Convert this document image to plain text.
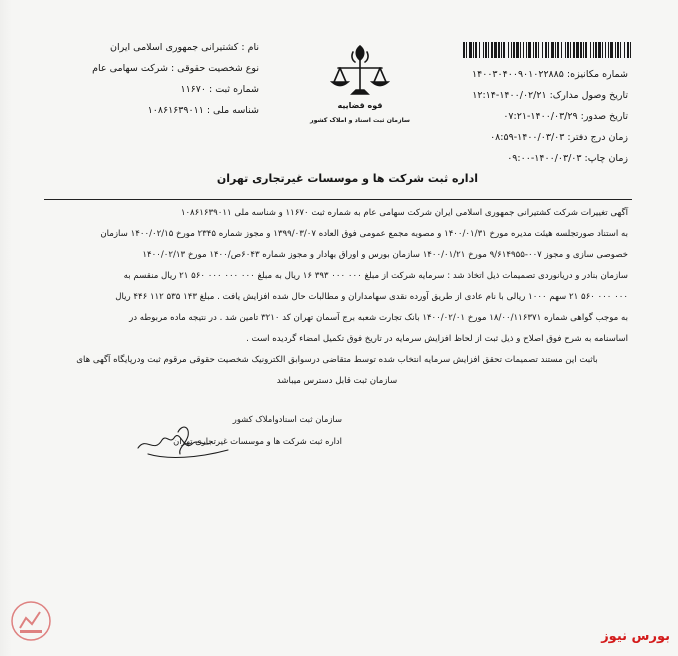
شماره مکانیزه: ۱۴۰۰۳۰۴۰۰۹۰۱۰۲۲۸۸۵
تاریخ وصول مدارک: ۱۴۰۰/۰۲/۲۱-۱۲:۱۴
تاریخ صدور: ۱۴۰۰/۰۳/۲۹-۰۷:۲۱
زمان درج دفتر: ۱۴۰۰/۰۳/۰۳-۰۸:۵۹
زمان چاپ: ۱۴۰۰/۰۳/۰۳-۰۹:۰۰
نام : کشتیرانی جمهوری اسلامی ایران
نوع شخصیت حقوقی : شرکت سهامی عام
شماره ثبت : ۱۱۶۷۰
شناسه ملی : ۱۰۸۶۱۶۳۹۰۱۱	قوه قضاییه
سازمان ثبت اسناد و املاک کشور
اداره ثبت شرکت ها و موسسات غیرتجاری تهران
آگهی تغییرات شرکت کشتیرانی جمهوری اسلامی ایران شرکت سهامی عام به شماره ثبت ۱۱۶۷۰ و شناسه ملی ۱۰۸۶۱۶۳۹۰۱۱
به استناد صورتجلسه هیئت مدیره مورخ ۱۴۰۰/۰۱/۳۱ و مصوبه مجمع عمومی فوق العاده ۱۳۹۹/۰۳/۰۷ و مجوز شماره ۲۳۴۵ مورخ ۱۴۰۰/۰۲/۱۵ سازمان
خصوصی سازی و مجوز ۰۰۷-۹/۶۱۴۹۵۵ مورخ ۱۴۰۰/۰۱/۲۱ سازمان بورس و اوراق بهادار و مجوز شماره ۶۰۴۳ص/۱۴۰۰ مورخ ۱۴۰۰/۰۲/۱۳
سازمان بنادر و دریانوردی تصمیمات ذیل اتخاذ شد : سرمایه شرکت از مبلغ ۰۰۰ ۰۰۰ ۳۹۳ ۱۶ ریال به مبلغ ۰۰۰ ۰۰۰ ۰۰۰ ۵۶۰ ۲۱ ریال منقسم به
۰۰۰ ۰۰۰ ۵۶۰ ۲۱ سهم ۱۰۰۰ ریالی با نام عادی از طریق آورده نقدی سهامداران و مطالبات حال شده افزایش یافت . مبلغ ۱۴۳ ۵۳۵ ۱۱۲ ۴۴۶ ریال
به موجب گواهی شماره ۱۸/۰۰/۱۱۶۳۷۱ مورخ ۱۴۰۰/۰۲/۰۱ بانک تجارت شعبه برج آسمان تهران کد ۳۲۱۰ تامین شد . در نتیجه ماده مربوطه در
اساسنامه به شرح فوق اصلاح و ذیل ثبت از لحاظ افزایش سرمایه در تاریخ فوق تکمیل امضاء گردیده است .
باثبت این مستند تصمیمات تحقق افزایش سرمایه انتخاب شده توسط متقاضی درسوابق الکترونیک شخصیت حقوقی مرقوم ثبت ودرپایگاه آگهی های
سازمان ثبت قابل دسترس میباشد
سازمان ثبت اسنادواملاک کشور
اداره ثبت شرکت ها و موسسات غیرتجاری تهران
بورس نیوز
